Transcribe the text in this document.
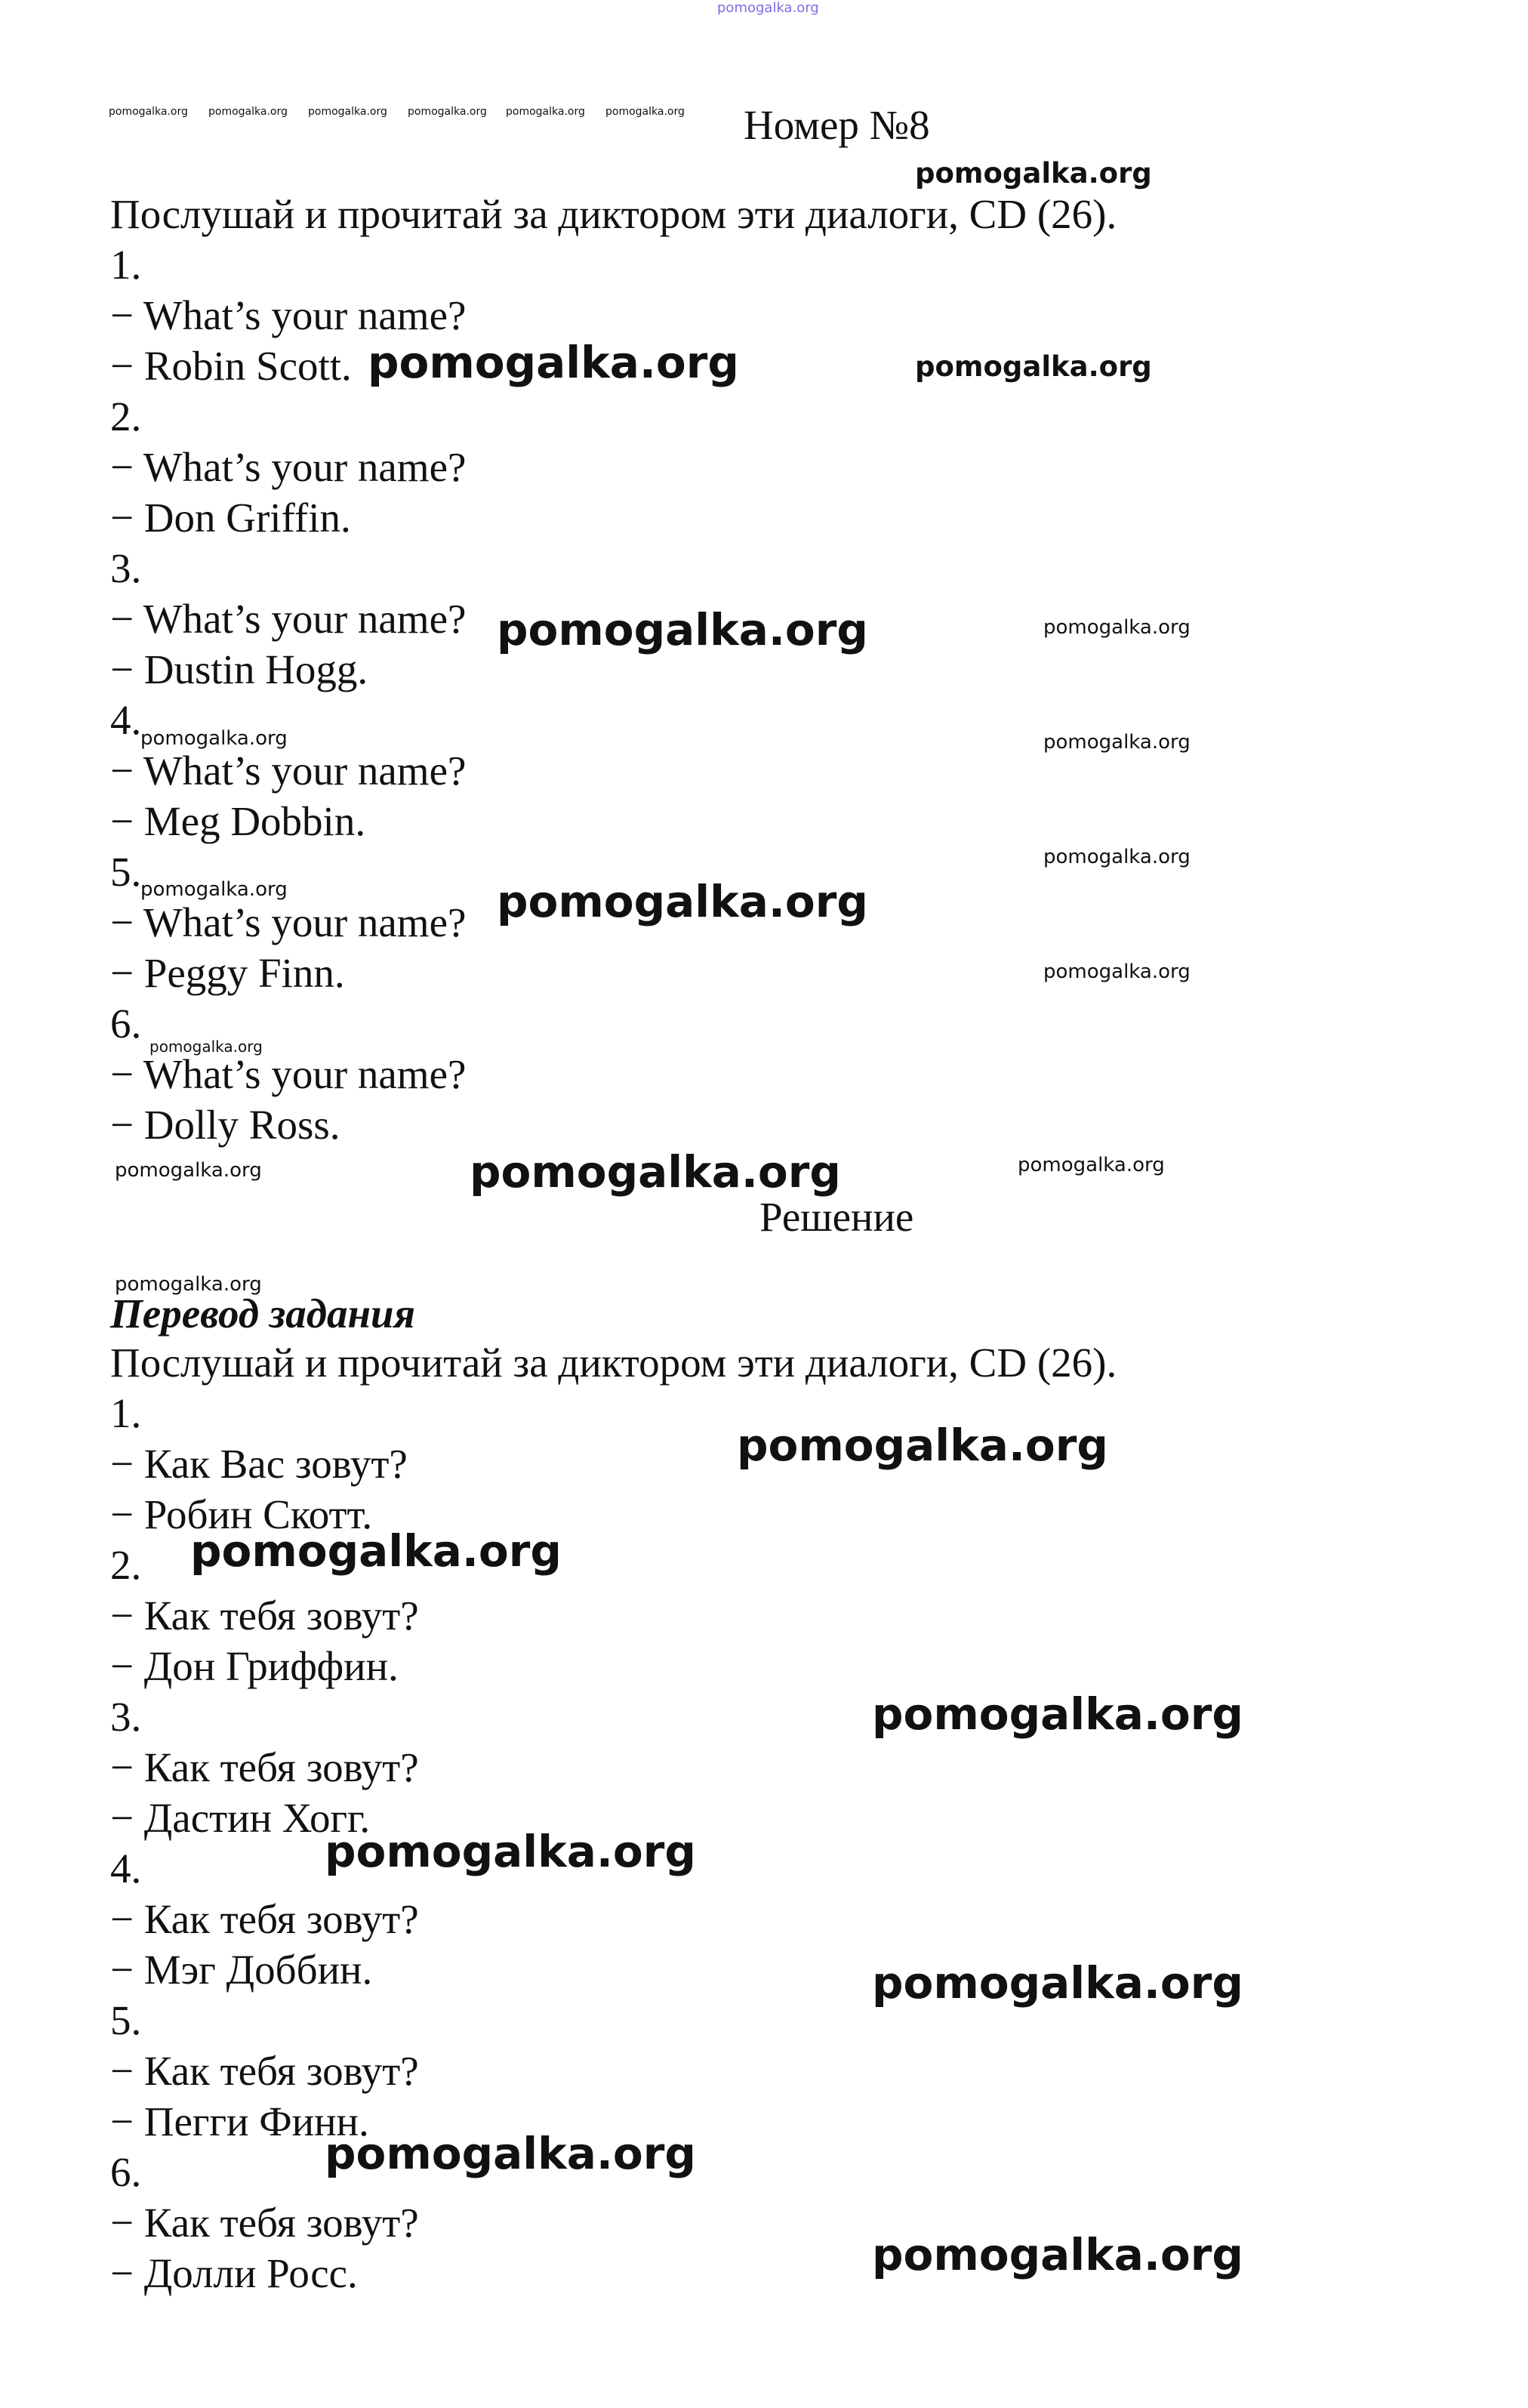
pomogalka.org
pomogalka.org pomogalka.org pomogalka.org pomogalka.org pomogalka.org pomogalka.org Номер №8

pomogalka.org

Послушай и прочитай за диктором эти диалоги, CD (26).

1.

− What’s your name?

− Robin Scott. pomogalka.org	pomogalka.org

2.

− What’s your name?

− Don Griffin.

3.

− What’s your name? pomogalka.org	pomogalka.org

− Dustin Hogg.

4.

pomogalka.org	pomogalka.org

− What’s your name?

− Meg Dobbin.

pomogalka.org

5.

pomogalka.org	pomogalka.org

− What’s your name?

− Peggy Finn.	pomogalka.org

6. pomogalka.org

− What’s your name?

− Dolly Ross.

pomogalka.org	pomogalka.org	pomogalka.org

Решение

pomogalka.org

Перевод задания

Послушай и прочитай за диктором эти диалоги, CD (26).

1.

pomogalka.org

− Как Вас зовут?

− Робин Скотт.

pomogalka.org

2.

− Как тебя зовут?

− Дон Гриффин.

3.	pomogalka.org

− Как тебя зовут?

− Дастин Хогг.

pomogalka.org

4.

− Как тебя зовут?

− Мэг Доббин.	pomogalka.org

5.

− Как тебя зовут?

− Пегги Финн.

pomogalka.org

6.

− Как тебя зовут?

pomogalka.org

− Долли Росс.
